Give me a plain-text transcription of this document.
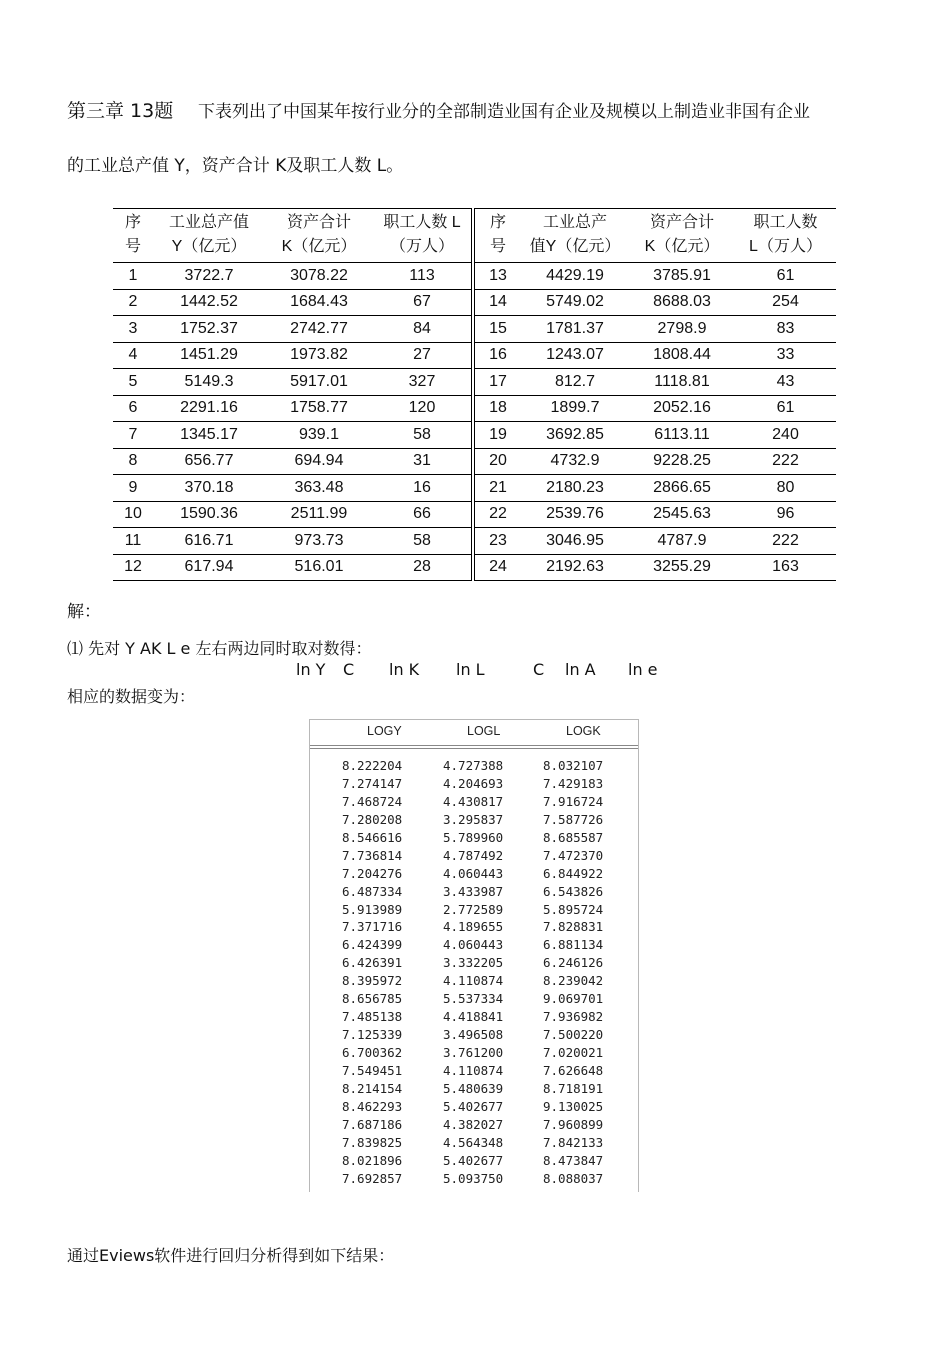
第三章 13题 下表列出了中国某年按行业分的全部制造业国有企业及规模以上制造业非国有企业
的工业总产值 Y，资产合计 K及职工人数 L。
序
号	工业总产值
Y（亿元）	资产合计
K（亿元）	职工人数 L
（万人）	序
号	工业总产
值Y（亿元）	资产合计
K（亿元）	职工人数
L（万人）

1	3722.7	3078.22	113	13	4429.19	3785.91	61
2	1442.52	1684.43	67	14	5749.02	8688.03	254
3	1752.37	2742.77	84	15	1781.37	2798.9	83
4	1451.29	1973.82	27	16	1243.07	1808.44	33
5	5149.3	5917.01	327	17	812.7	1118.81	43
6	2291.16	1758.77	120	18	1899.7	2052.16	61
7	1345.17	939.1	58	19	3692.85	6113.11	240
8	656.77	694.94	31	20	4732.9	9228.25	222
9	370.18	363.48	16	21	2180.23	2866.65	80
10	1590.36	2511.99	66	22	2539.76	2545.63	96
11	616.71	973.73	58	23	3046.95	4787.9	222
12	617.94	516.01	28	24	2192.63	3255.29	163
解：
⑴ 先对 Y AK L e 左右两边同时取对数得：
ln Y C ln K ln L	C ln A ln e
相应的数据变为：
LOGY	LOGL	LOGK
8.222204	4.727388	8.032107
7.274147	4.204693	7.429183
7.468724	4.430817	7.916724
7.280208	3.295837	7.587726
8.546616	5.789960	8.685587
7.736814	4.787492	7.472370
7.204276	4.060443	6.844922
6.487334	3.433987	6.543826
5.913989	2.772589	5.895724
7.371716	4.189655	7.828831
6.424399	4.060443	6.881134
6.426391	3.332205	6.246126
8.395972	4.110874	8.239042
8.656785	5.537334	9.069701
7.485138	4.418841	7.936982
7.125339	3.496508	7.500220
6.700362	3.761200	7.020021
7.549451	4.110874	7.626648
8.214154	5.480639	8.718191
8.462293	5.402677	9.130025
7.687186	4.382027	7.960899
7.839825	4.564348	7.842133
8.021896	5.402677	8.473847
7.692857	5.093750	8.088037
通过Eviews软件进行回归分析得到如下结果：
